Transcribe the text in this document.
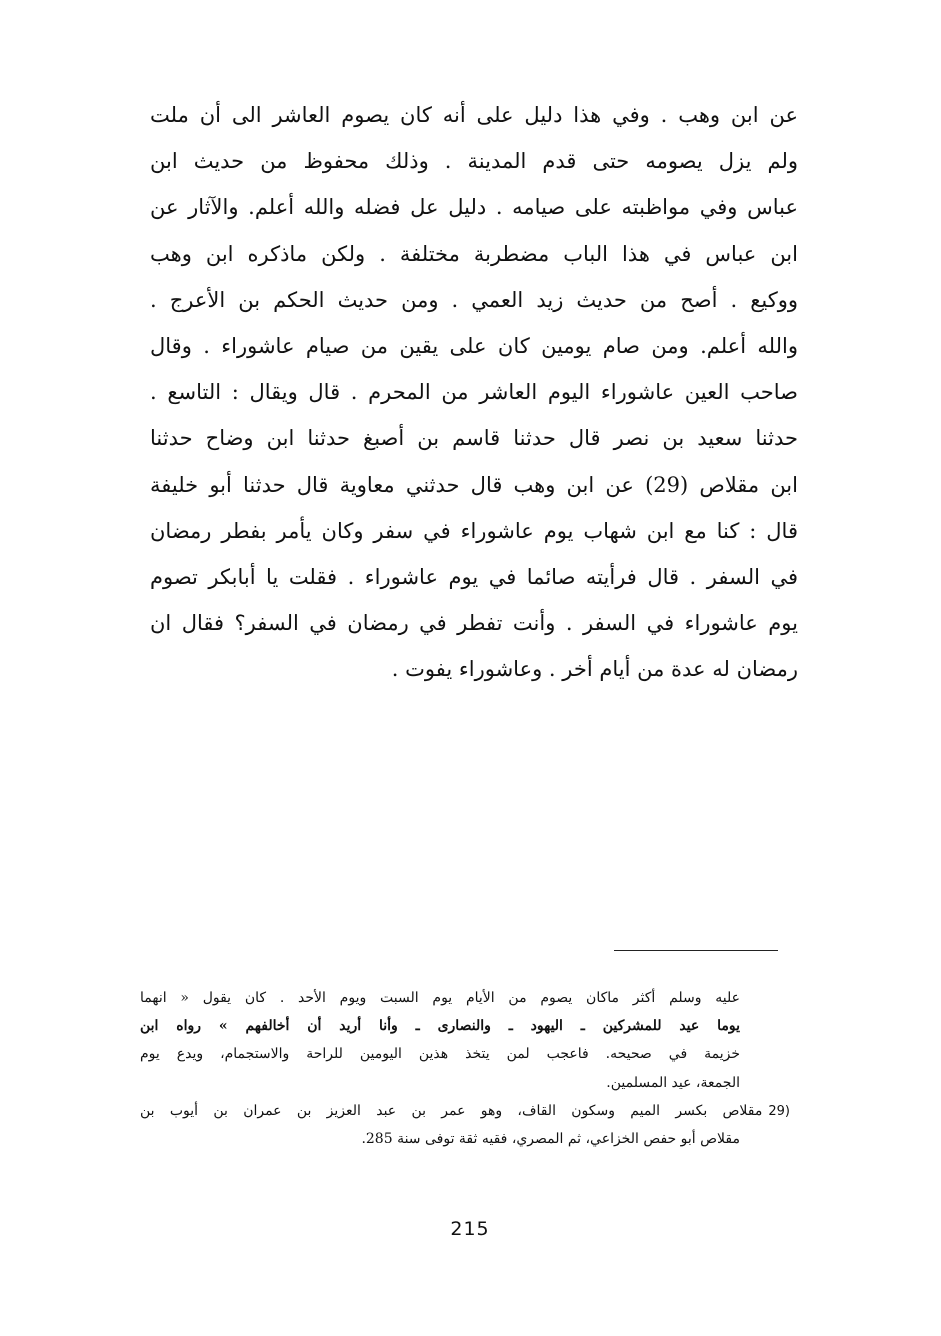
عن ابن وهب . وفي هذا دليل على أنه كان يصوم العاشر الى أن ملت
ولم يزل يصومه حتى قدم المدينة . وذلك محفوظ من حديث ابن
عباس وفي مواظبته على صيامه . دليل عل فضله والله أعلم. والآثار عن
ابن عباس في هذا الباب مضطربة مختلفة . ولكن ماذكره ابن وهب
ووكيع . أصح من حديث زيد العمي . ومن حديث الحكم بن الأعرج .
والله أعلم. ومن صام يومين كان على يقين من صيام عاشوراء . وقال
صاحب العين عاشوراء اليوم العاشر من المحرم . قال ويقال : التاسع .
حدثنا سعيد بن نصر قال حدثنا قاسم بن أصبغ حدثنا ابن وضاح حدثنا
ابن مقلاص (29) عن ابن وهب قال حدثني معاوية قال حدثنا أبو خليفة
قال : كنا مع ابن شهاب يوم عاشوراء في سفر وكان يأمر بفطر رمضان
في السفر . قال فرأيته صائما في يوم عاشوراء . فقلت يا أبابكر تصوم
يوم عاشوراء في السفر . وأنت تفطر في رمضان في السفر؟ فقال ان
رمضان له عدة من أيام أخر . وعاشوراء يفوت .
عليه وسلم أكثر ماكان يصوم من الأيام يوم السبت ويوم الأحد . كان يقول « انهما
يوما عيد للمشركين ـ اليهود ـ والنصارى ـ وأنا أريد أن أخالفهم » رواه ابن
خزيمة في صحيحه. فاعجب لمن يتخذ هذين اليومين للراحة والاستجمام، ويدع يوم
الجمعة، عيد المسلمين.
(29مقلاص بكسر الميم وسكون القاف، وهو عمر بن عبد العزيز بن عمران بن أيوب بن
مقلاص أبو حفص الخزاعي، ثم المصري، فقيه ثقة توفى سنة 285.
215
